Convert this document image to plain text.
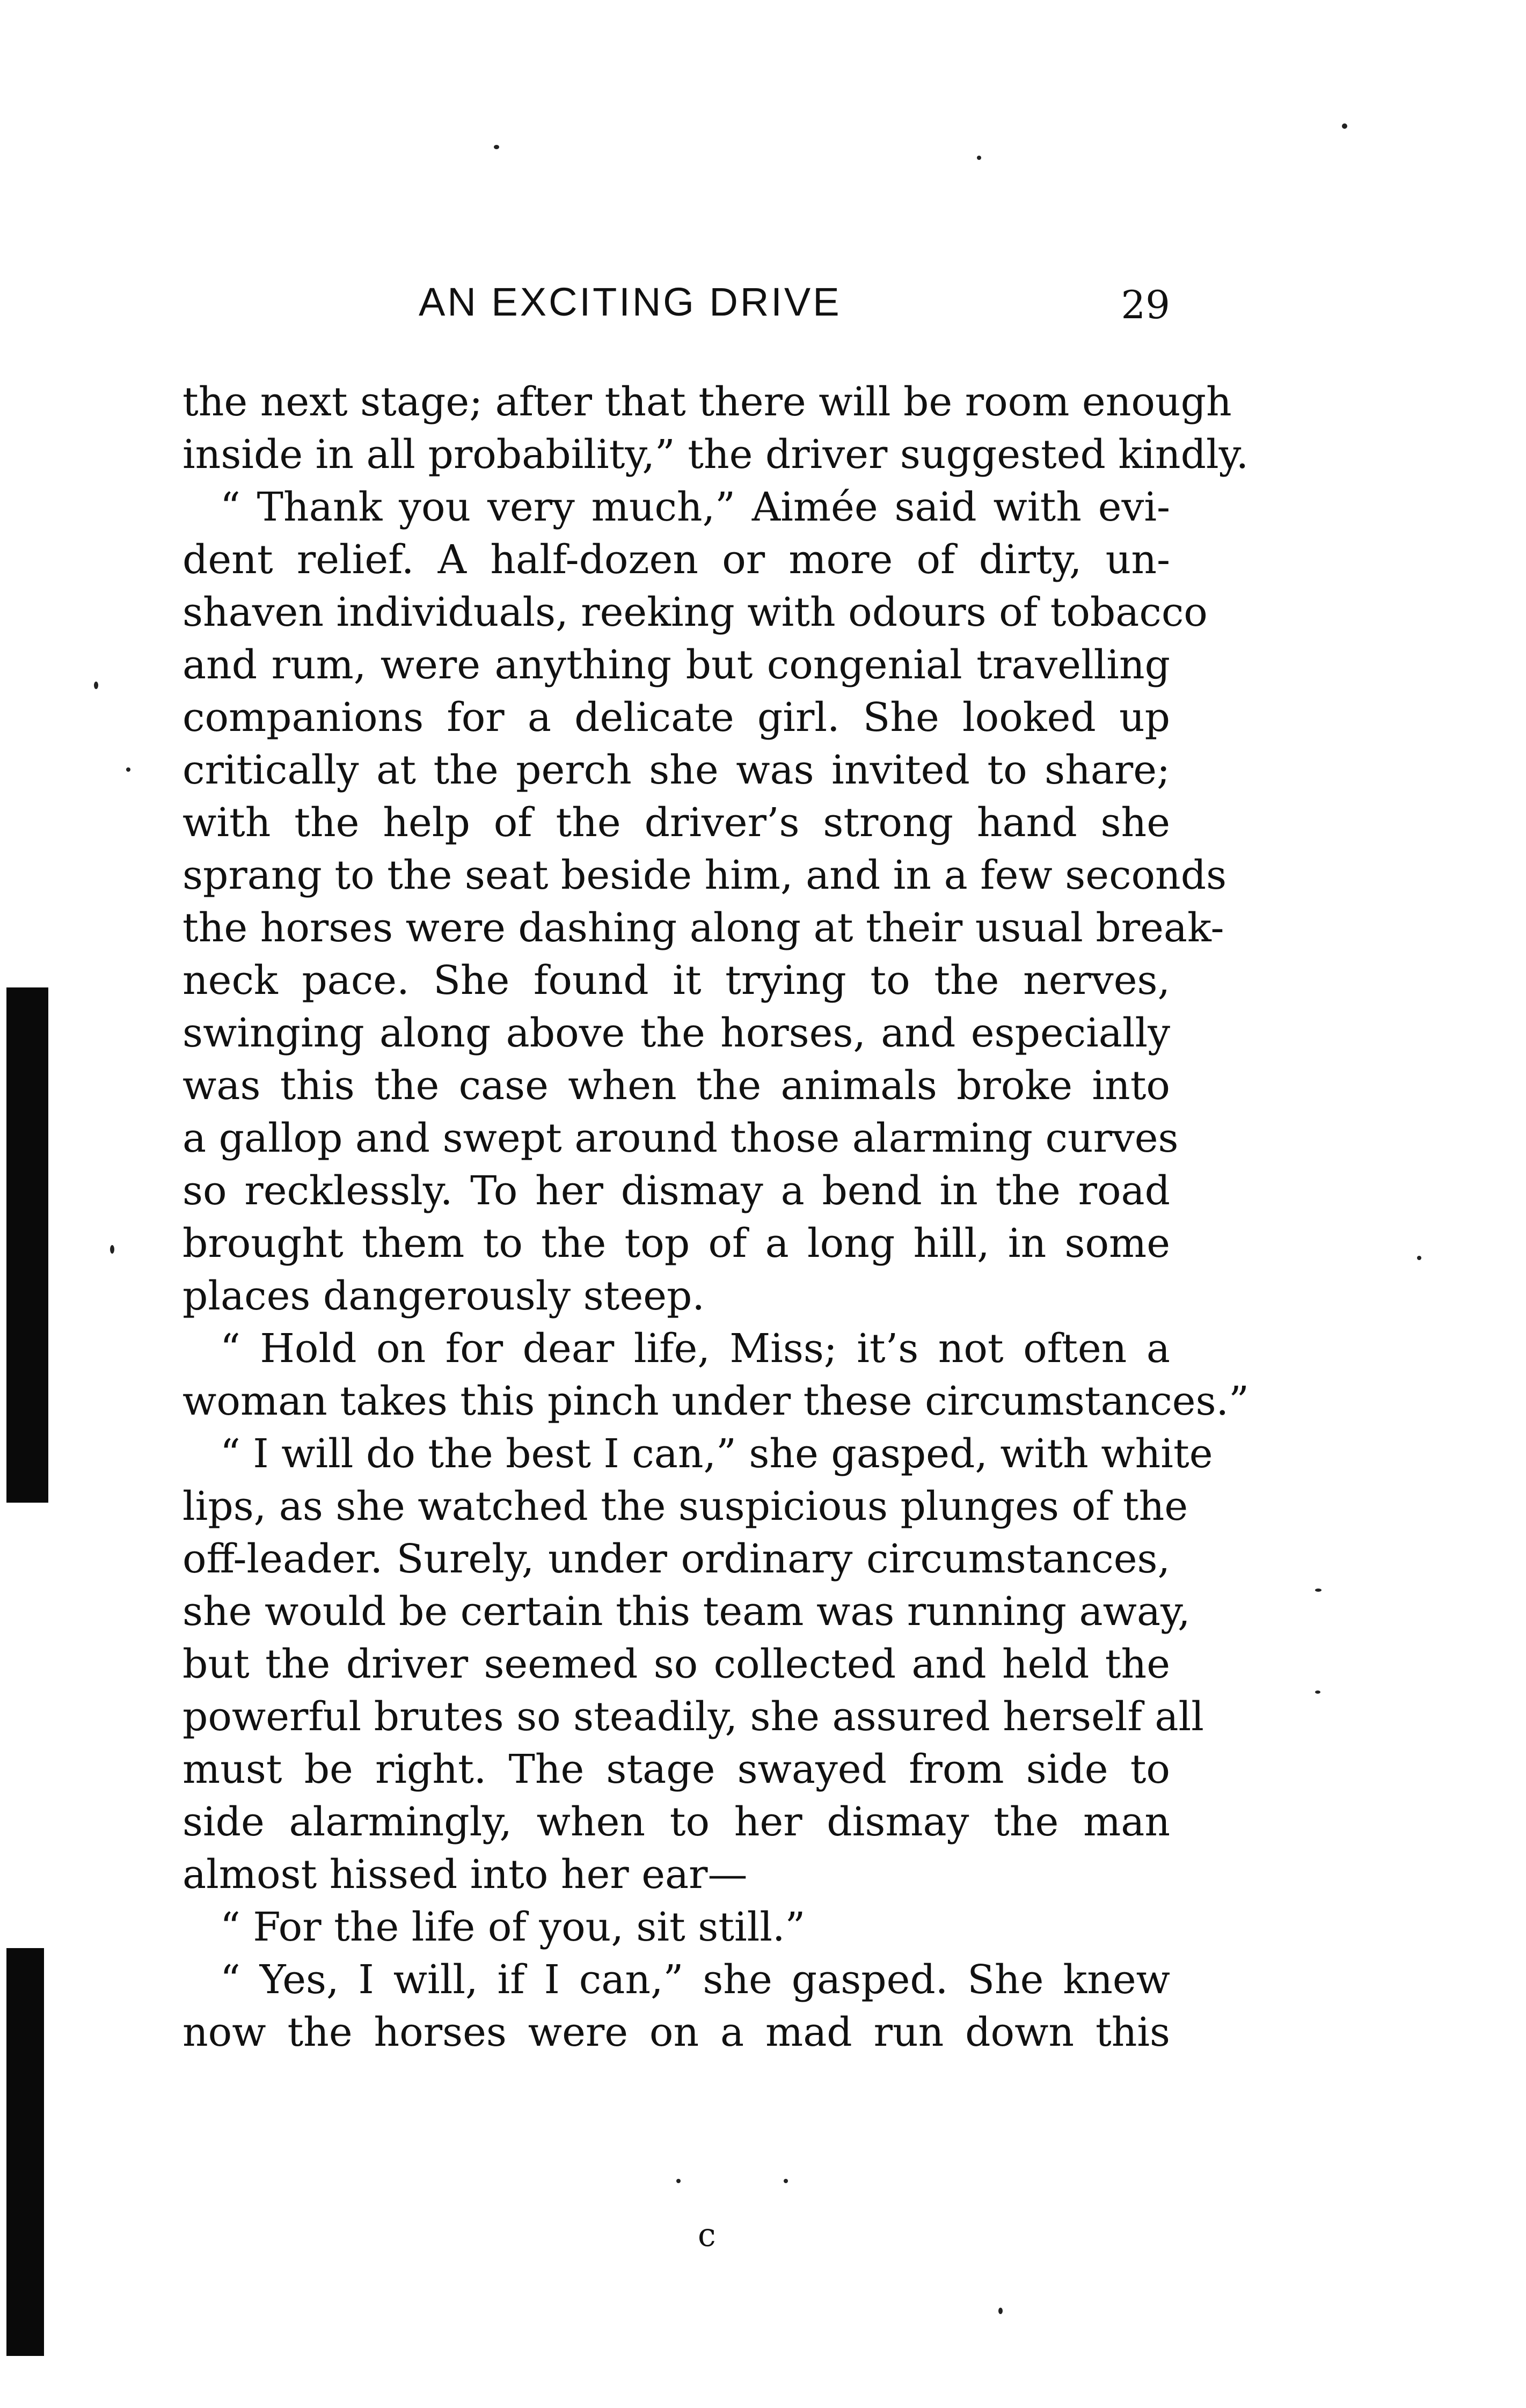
AN EXCITING DRIVE	29
the next stage; after that there will be room enough
inside in all probability,” the driver suggested kindly.
“ Thank you very much,” Aimée said with evi-
dent relief. A half-dozen or more of dirty, un-
shaven individuals, reeking with odours of tobacco
and rum, were anything but congenial travelling
companions for a delicate girl. She looked up
critically at the perch she was invited to share;
with the help of the driver’s strong hand she
sprang to the seat beside him, and in a few seconds
the horses were dashing along at their usual break-
neck pace. She found it trying to the nerves,
swinging along above the horses, and especially
was this the case when the animals broke into
a gallop and swept around those alarming curves
so recklessly. To her dismay a bend in the road
brought them to the top of a long hill, in some
places dangerously steep.
“ Hold on for dear life, Miss; it’s not often a
woman takes this pinch under these circumstances.”
“ I will do the best I can,” she gasped, with white
lips, as she watched the suspicious plunges of the
off-leader. Surely, under ordinary circumstances,
she would be certain this team was running away,
but the driver seemed so collected and held the
powerful brutes so steadily, she assured herself all
must be right. The stage swayed from side to
side alarmingly, when to her dismay the man
almost hissed into her ear—
“ For the life of you, sit still.”
“ Yes, I will, if I can,” she gasped. She knew
now the horses were on a mad run down this
c
